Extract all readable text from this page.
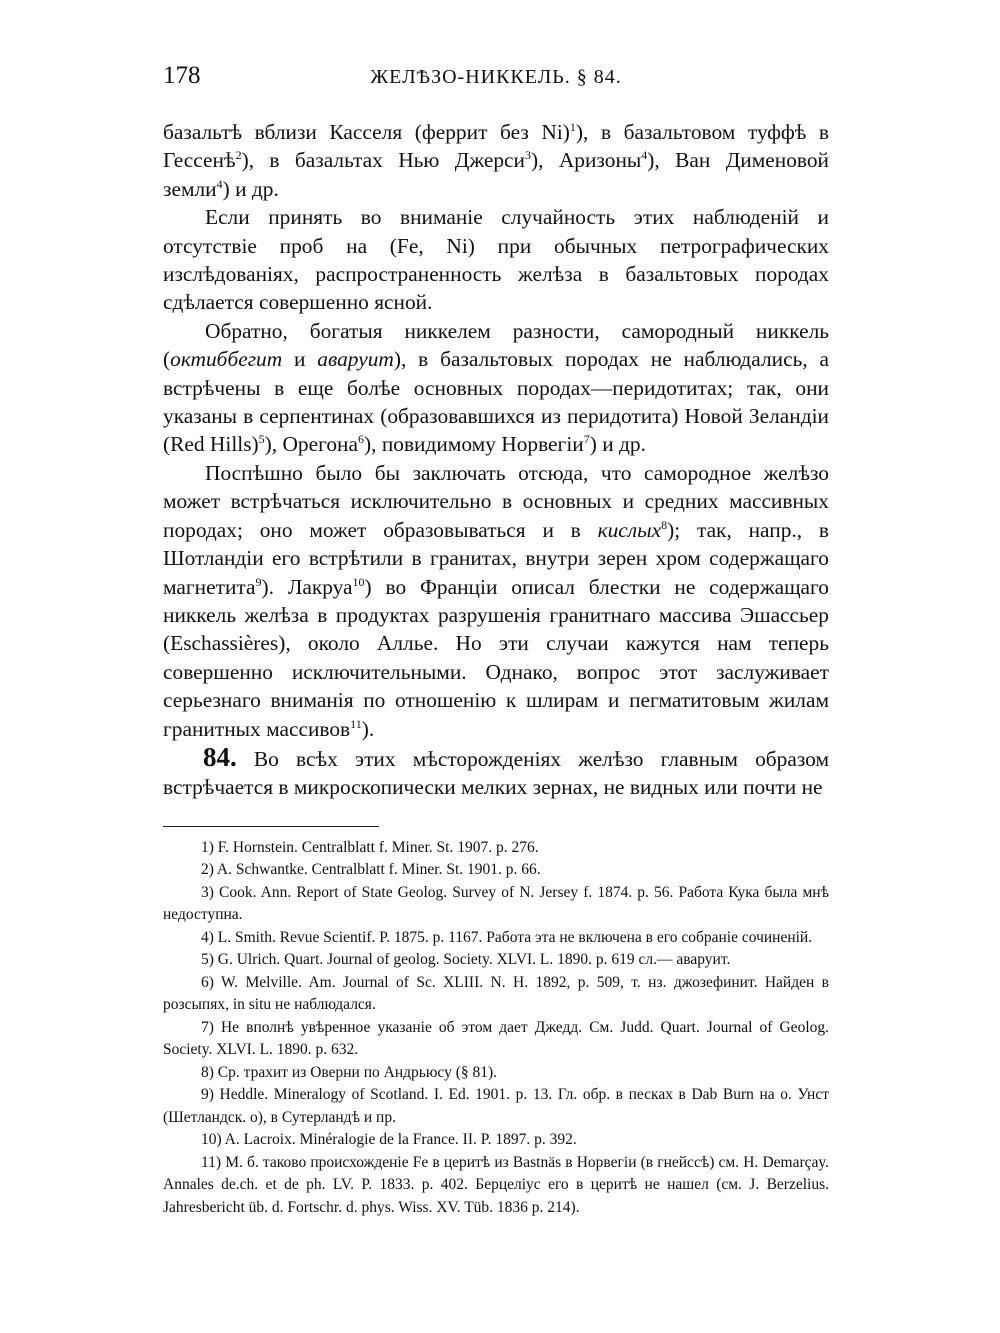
178	ЖЕЛѢЗО-НИККЕЛЬ. § 84.

базальтѣ вблизи Касселя (феррит без Ni)$^1$), в базальтовом туффѣ в Гессенѣ$^2$), в базальтах Нью Джерси$^3$), Аризоны$^4$), Ван Дименовой земли$^4$) и др.

Если принять во вниманіе случайность этих наблюденій и отсутствіе проб на (Fe, Ni) при обычных петрографических изслѣдованіях, распространенность желѣза в базальтовых породах сдѣлается совершенно ясной.

Обратно, богатыя никкелем разности, самородный никкель (октиббегит и аваруит), в базальтовых породах не наблюдались, а встрѣчены в еще болѣе основных породах—перидотитах; так, они указаны в серпентинах (образовавшихся из перидотита) Новой Зеландіи (Red Hills)$^5$), Орегона$^6$), повидимому Норвегіи$^7$) и др.

Поспѣшно было бы заключать отсюда, что самородное желѣзо может встрѣчаться исключительно в основных и средних массивных породах; оно может образовываться и в кислых$^8$); так, напр., в Шотландіи его встрѣтили в гранитах, внутри зерен хром содержащаго магнетита$^9$). Лакруа$^{10}$) во Франціи описал блестки не содержащаго никкель желѣза в продуктах разрушенія гранитнаго массива Эшассьер (Eschassières), около Алльe. Но эти случаи кажутся нам теперь совершенно исключительными. Однако, вопрос этот заслуживает серьезнаго вниманія по отношенію к шлирам и пегматитовым жилам гранитных массивов$^{11}$).

84. Во всѣх этих мѣсторожденіях желѣзо главным образом встрѣчается в микроскопически мелких зернах, не видных или почти не

1) F. Hornstein. Centralblatt f. Miner. St. 1907. p. 276.

2) A. Schwantke. Centralblatt f. Miner. St. 1901. p. 66.

3) Cook. Ann. Report of State Geolog. Survey of N. Jersey f. 1874. p. 56. Работа Кука была мнѣ недоступна.

4) L. Smith. Revue Scientif. P. 1875. p. 1167. Работа эта не включена в его собраніе сочиненій.

5) G. Ulrich. Quart. Journal of geolog. Society. XLVI. L. 1890. p. 619 сл.— аваруит.

6) W. Melville. Am. Journal of Sc. XLIII. N. H. 1892, p. 509, т. нз. джозефинит. Найден в розсыпях, in situ не наблюдался.

7) Не вполнѣ увѣренное указаніе об этом дает Джедд. См. Judd. Quart. Journal of Geolog. Society. XLVI. L. 1890. p. 632.

8) Ср. трахит из Оверни по Андрьюсу (§ 81).

9) Heddle. Mineralogy of Scotland. I. Ed. 1901. p. 13. Гл. обр. в песках в Dab Burn на о. Унст (Шетландск. о), в Сутерландѣ и пр.

10) A. Lacroix. Minéralogie de la France. II. P. 1897. p. 392.

11) М. б. таково происхожденіе Fe в церитѣ из Bastnäs в Норвегіи (в гнейссѣ) см. H. Demarçay. Annales de.ch. et de ph. LV. P. 1833. p. 402. Берцеліус его в церитѣ не нашел (см. J. Berzelius. Jahresbericht üb. d. Fortschr. d. phys. Wiss. XV. Tüb. 1836 p. 214).
